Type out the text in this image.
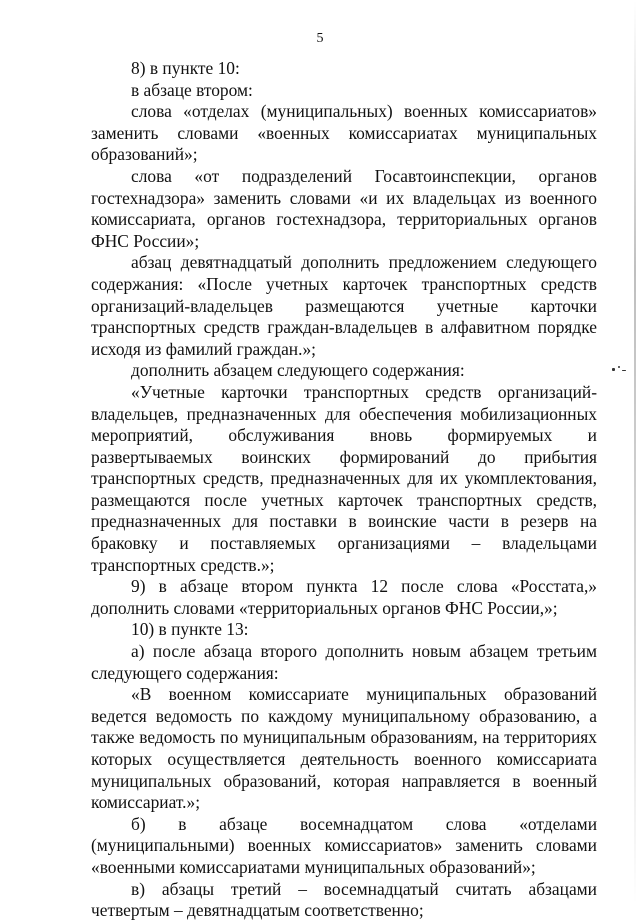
5

8) в пункте 10:

в абзаце втором:

слова «отделах (муниципальных) военных комиссариатов» заменить словами «военных комиссариатах муниципальных образований»;

слова «от подразделений Госавтоинспекции, органов гостехнадзора» заменить словами «и их владельцах из военного комиссариата, органов гостехнадзора, территориальных органов ФНС России»;

абзац девятнадцатый дополнить предложением следующего содержания: «После учетных карточек транспортных средств организаций-владельцев размещаются учетные карточки транспортных средств граждан-владельцев в алфавитном порядке исходя из фамилий граждан.»;

дополнить абзацем следующего содержания:

«Учетные карточки транспортных средств организаций-владельцев, предназначенных для обеспечения мобилизационных мероприятий, обслуживания вновь формируемых и развертываемых воинских формирований до прибытия транспортных средств, предназначенных для их укомплектования, размещаются после учетных карточек транспортных средств, предназначенных для поставки в воинские части в резерв на браковку и поставляемых организациями – владельцами транспортных средств.»;

9) в абзаце втором пункта 12 после слова «Росстата,» дополнить словами «территориальных органов ФНС России,»;

10) в пункте 13:

а) после абзаца второго дополнить новым абзацем третьим следующего содержания:

«В военном комиссариате муниципальных образований ведется ведомость по каждому муниципальному образованию, а также ведомость по муниципальным образованиям, на территориях которых осуществляется деятельность военного комиссариата муниципальных образований, которая направляется в военный комиссариат.»;

б) в абзаце восемнадцатом слова «отделами (муниципальными) военных комиссариатов» заменить словами «военными комиссариатами муниципальных образований»;

в) абзацы третий – восемнадцатый считать абзацами четвертым – девятнадцатым соответственно;
